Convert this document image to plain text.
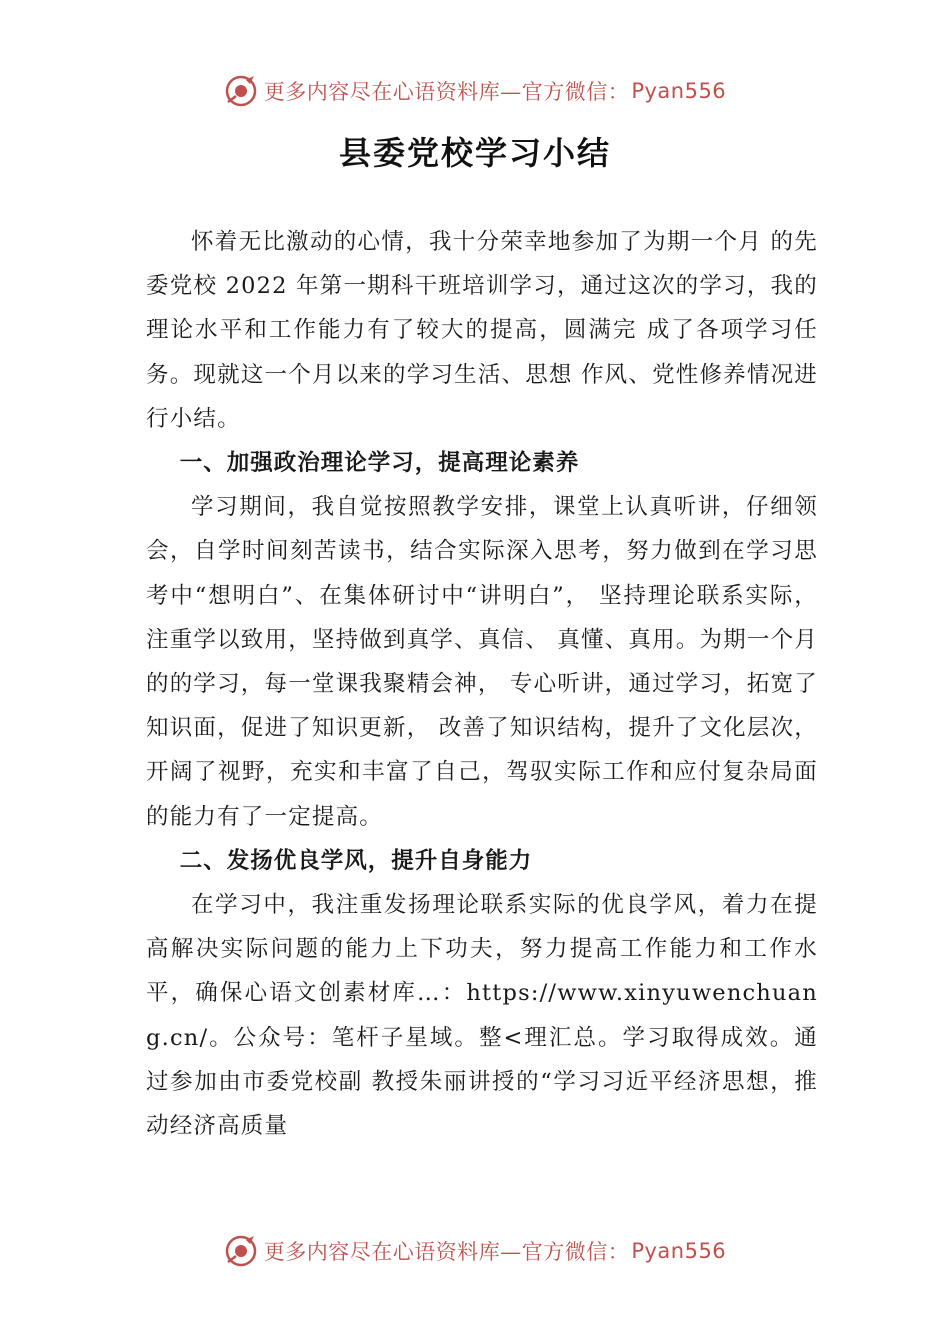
更多内容尽在心语资料库—官方微信： Pyan556
县委党校学习小结

怀着无比激动的心情，我十分荣幸地参加了为期一个月 的先委党校 2022 年第一期科干班培训学习，通过这次的学习，我的理论水平和工作能力有了较大的提高，圆满完 成了各项学习任务。现就这一个月以来的学习生活、思想 作风、党性修养情况进行小结。

一、加强政治理论学习，提高理论素养

学习期间，我自觉按照教学安排，课堂上认真听讲，仔细领会，自学时间刻苦读书，结合实际深入思考，努力做到在学习思考中“想明白”、在集体研讨中“讲明白”， 坚持理论联系实际，注重学以致用，坚持做到真学、真信、 真懂、真用。为期一个月的的学习，每一堂课我聚精会神， 专心听讲，通过学习，拓宽了知识面，促进了知识更新， 改善了知识结构，提升了文化层次，开阔了视野，充实和丰富了自己，驾驭实际工作和应付复杂局面的能力有了一定提高。

二、发扬优良学风，提升自身能力

在学习中，我注重发扬理论联系实际的优良学风，着力在提高解决实际问题的能力上下功夫，努力提高工作能力和工作水平，确保心语文创素材库…：https://www.xinyuwenchuang.cn/。公众号：笔杆子星域。整<理汇总。学习取得成效。通过参加由市委党校副 教授朱丽讲授的“学习习近平经济思想，推动经济高质量

更多内容尽在心语资料库—官方微信： Pyan556
